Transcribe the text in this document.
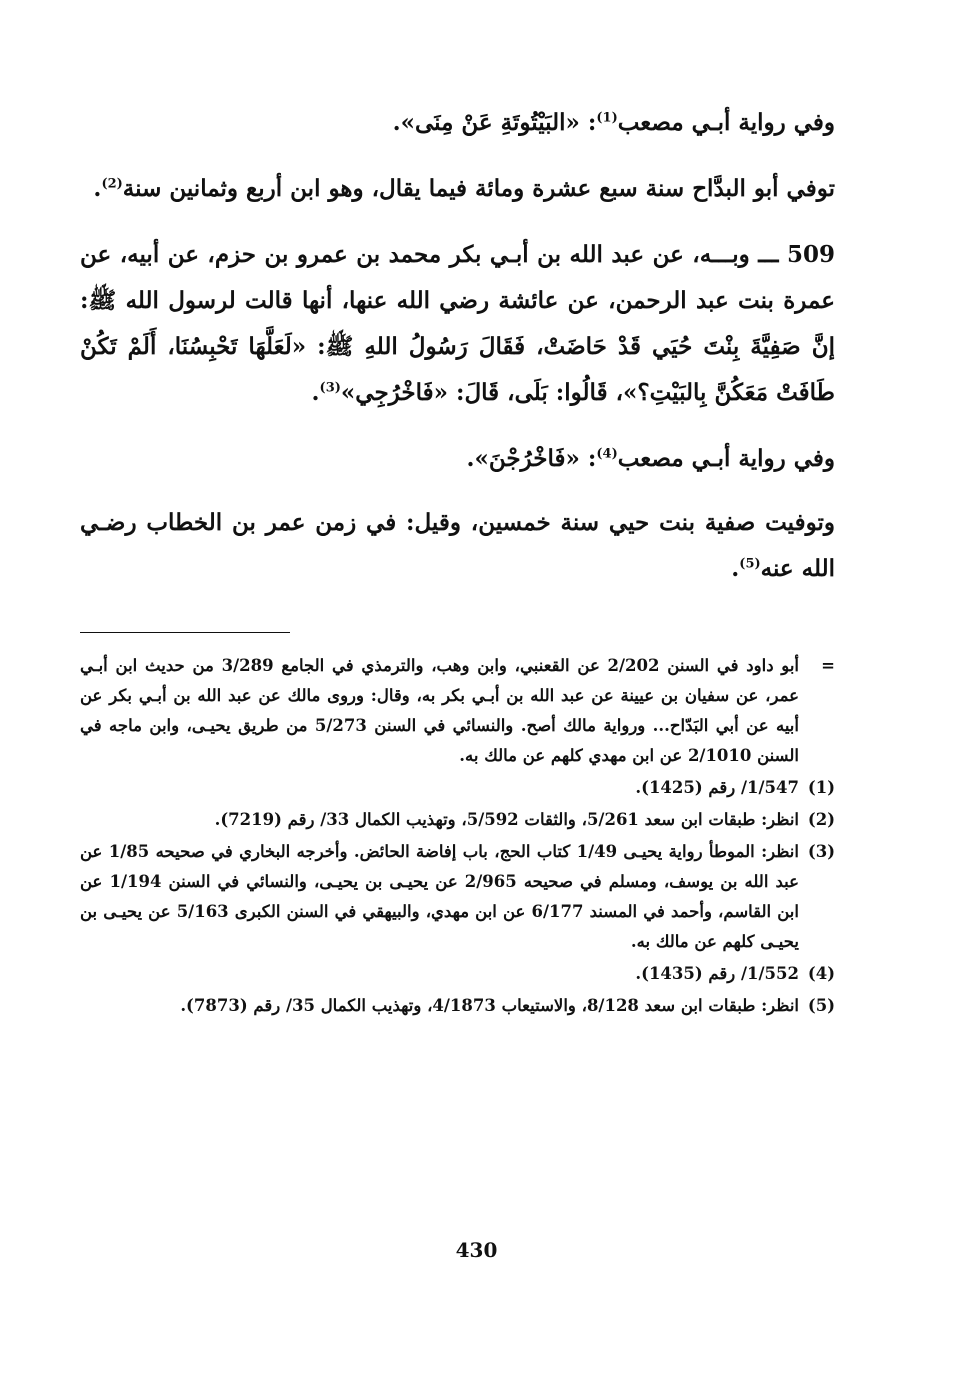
وفي رواية أبـي مصعب$^{(1)}$: «البَيْتُوتَةِ عَنْ مِنَى».

توفي أبو البدَّاح سنة سبع عشرة ومائة فيما يقال، وهو ابن أربع وثمانين سنة$^{(2)}$.

509 ـــ وبـــه، عن عبد الله بن أبـي بكر محمد بن عمرو بن حزم، عن أبيه، عن عمرة بنت عبد الرحمن، عن عائشة رضي الله عنها، أنها قالت لرسول الله ﷺ: إنَّ صَفِيَّةَ بِنْتَ حُيَي قَدْ حَاضَتْ، فَقَالَ رَسُولُ اللهِ ﷺ: «لَعَلَّهَا تَحْبِسُنَا، أَلَمْ تَكُنْ طَافَتْ مَعَكُنَّ بِالبَيْتِ؟»، قَالُوا: بَلَى، قَالَ: «فَاخْرُجِي»$^{(3)}$.

وفي رواية أبـي مصعب$^{(4)}$: «فَاخْرُجْنَ».

وتوفيت صفية بنت حيي سنة خمسين، وقيل: في زمن عمر بن الخطاب رضـي الله عنه$^{(5)}$.

=
أبو داود في السنن 2/202 عن القعنبي، وابن وهب، والترمذي في الجامع 3/289 من حديث ابن أبـي عمر، عن سفيان بن عيينة عن عبد الله بن أبـي بكر به، وقال: وروى مالك عن عبد الله بن أبـي بكر عن أبيه عن أبي البَدّاح... ورواية مالك أصح. والنسائي في السنن 5/273 من طريق يحيـى، وابن ماجه في السنن 2/1010 عن ابن مهدي كلهم عن مالك به.
(1)
1/547/ رقم (1425).
(2)
انظر: طبقات ابن سعد 5/261، والثقات 5/592، وتهذيب الكمال 33/ رقم (7219).
(3)
انظر: الموطأ رواية يحيـى 1/49 كتاب الحج، باب إفاضة الحائض. وأخرجه البخاري في صحيحه 1/85 عن عبد الله بن يوسف، ومسلم في صحيحه 2/965 عن يحيـى بن يحيـى، والنسائي في السنن 1/194 عن ابن القاسم، وأحمد في المسند 6/177 عن ابن مهدي، والبيهقي في السنن الكبرى 5/163 عن يحيـى بن يحيـى كلهم عن مالك به.
(4)
1/552/ رقم (1435).
(5)
انظر: طبقات ابن سعد 8/128، والاستيعاب 4/1873، وتهذيب الكمال 35/ رقم (7873).
430
